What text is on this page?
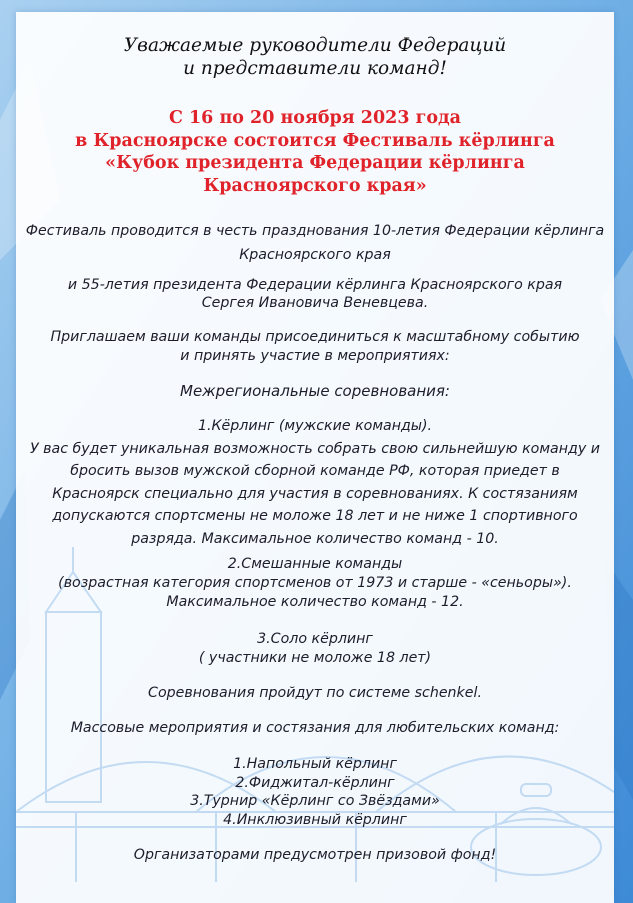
Уважаемые руководители Федераций
и представители команд!
С 16 по 20 ноября 2023 года
в Красноярске состоится Фестиваль кёрлинга
«Кубок президента Федерации кёрлинга
Красноярского края»
Фестиваль проводится в честь празднования 10-летия Федерации кёрлинга
Красноярского края
и 55-летия президента Федерации кёрлинга Красноярского края
Сергея Ивановича Веневцева.
Приглашаем ваши команды присоединиться к масштабному событию
и принять участие в мероприятиях:
Межрегиональные соревнования:
1.Кёрлинг (мужские команды).
У вас будет уникальная возможность собрать свою сильнейшую команду и
бросить вызов мужской сборной команде РФ, которая приедет в
Красноярск специально для участия в соревнованиях. К состязаниям
допускаются спортсмены не моложе 18 лет и не ниже 1 спортивного
разряда. Максимальное количество команд - 10.
2.Смешанные команды
(возрастная категория спортсменов от 1973 и старше - «сеньоры»).
Максимальное количество команд - 12.
3.Соло кёрлинг
( участники не моложе 18 лет)
Соревнования пройдут по системе schenkel.
Массовые мероприятия и состязания для любительских команд:
1.Напольный кёрлинг
2.Фиджитал-кёрлинг
3.Турнир «Кёрлинг со Звёздами»
4.Инклюзивный кёрлинг
Организаторами предусмотрен призовой фонд!
